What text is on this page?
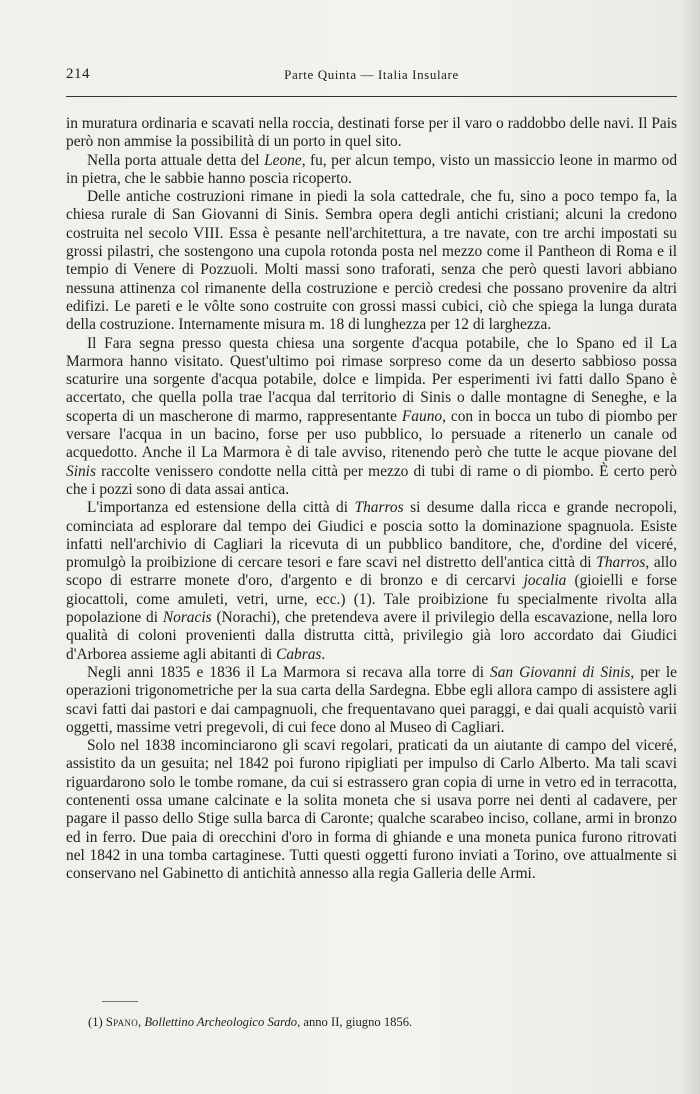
214	Parte Quinta — Italia Insulare

in muratura ordinaria e scavati nella roccia, destinati forse per il varo o raddobbo delle navi. Il Pais però non ammise la possibilità di un porto in quel sito.

Nella porta attuale detta del Leone, fu, per alcun tempo, visto un massiccio leone in marmo od in pietra, che le sabbie hanno poscia ricoperto.

Delle antiche costruzioni rimane in piedi la sola cattedrale, che fu, sino a poco tempo fa, la chiesa rurale di San Giovanni di Sinis. Sembra opera degli antichi cristiani; alcuni la credono costruita nel secolo VIII. Essa è pesante nell'architettura, a tre navate, con tre archi impostati su grossi pilastri, che sostengono una cupola rotonda posta nel mezzo come il Pantheon di Roma e il tempio di Venere di Pozzuoli. Molti massi sono traforati, senza che però questi lavori abbiano nessuna attinenza col rimanente della costruzione e perciò credesi che possano provenire da altri edifizi. Le pareti e le vôlte sono costruite con grossi massi cubici, ciò che spiega la lunga durata della costruzione. Internamente misura m. 18 di lunghezza per 12 di larghezza.

Il Fara segna presso questa chiesa una sorgente d'acqua potabile, che lo Spano ed il La Marmora hanno visitato. Quest'ultimo poi rimase sorpreso come da un deserto sabbioso possa scaturire una sorgente d'acqua potabile, dolce e limpida. Per esperimenti ivi fatti dallo Spano è accertato, che quella polla trae l'acqua dal territorio di Sinis o dalle montagne di Seneghe, e la scoperta di un mascherone di marmo, rappresentante Fauno, con in bocca un tubo di piombo per versare l'acqua in un bacino, forse per uso pubblico, lo persuade a ritenerlo un canale od acquedotto. Anche il La Marmora è di tale avviso, ritenendo però che tutte le acque piovane del Sinis raccolte venissero condotte nella città per mezzo di tubi di rame o di piombo. È certo però che i pozzi sono di data assai antica.

L'importanza ed estensione della città di Tharros si desume dalla ricca e grande necropoli, cominciata ad esplorare dal tempo dei Giudici e poscia sotto la dominazione spagnuola. Esiste infatti nell'archivio di Cagliari la ricevuta di un pubblico banditore, che, d'ordine del viceré, promulgò la proibizione di cercare tesori e fare scavi nel distretto dell'antica città di Tharros, allo scopo di estrarre monete d'oro, d'argento e di bronzo e di cercarvi jocalia (gioielli e forse giocattoli, come amuleti, vetri, urne, ecc.) (1). Tale proibizione fu specialmente rivolta alla popolazione di Noracis (Norachi), che pretendeva avere il privilegio della escavazione, nella loro qualità di coloni provenienti dalla distrutta città, privilegio già loro accordato dai Giudici d'Arborea assieme agli abitanti di Cabras.

Negli anni 1835 e 1836 il La Marmora si recava alla torre di San Giovanni di Sinis, per le operazioni trigonometriche per la sua carta della Sardegna. Ebbe egli allora campo di assistere agli scavi fatti dai pastori e dai campagnuoli, che frequentavano quei paraggi, e dai quali acquistò varii oggetti, massime vetri pregevoli, di cui fece dono al Museo di Cagliari.

Solo nel 1838 incominciarono gli scavi regolari, praticati da un aiutante di campo del viceré, assistito da un gesuita; nel 1842 poi furono ripigliati per impulso di Carlo Alberto. Ma tali scavi riguardarono solo le tombe romane, da cui si estrassero gran copia di urne in vetro ed in terracotta, contenenti ossa umane calcinate e la solita moneta che si usava porre nei denti al cadavere, per pagare il passo dello Stige sulla barca di Caronte; qualche scarabeo inciso, collane, armi in bronzo ed in ferro. Due paia di orecchini d'oro in forma di ghiande e una moneta punica furono ritrovati nel 1842 in una tomba cartaginese. Tutti questi oggetti furono inviati a Torino, ove attualmente si conservano nel Gabinetto di antichità annesso alla regia Galleria delle Armi.

(1) Spano, Bollettino Archeologico Sardo, anno II, giugno 1856.
